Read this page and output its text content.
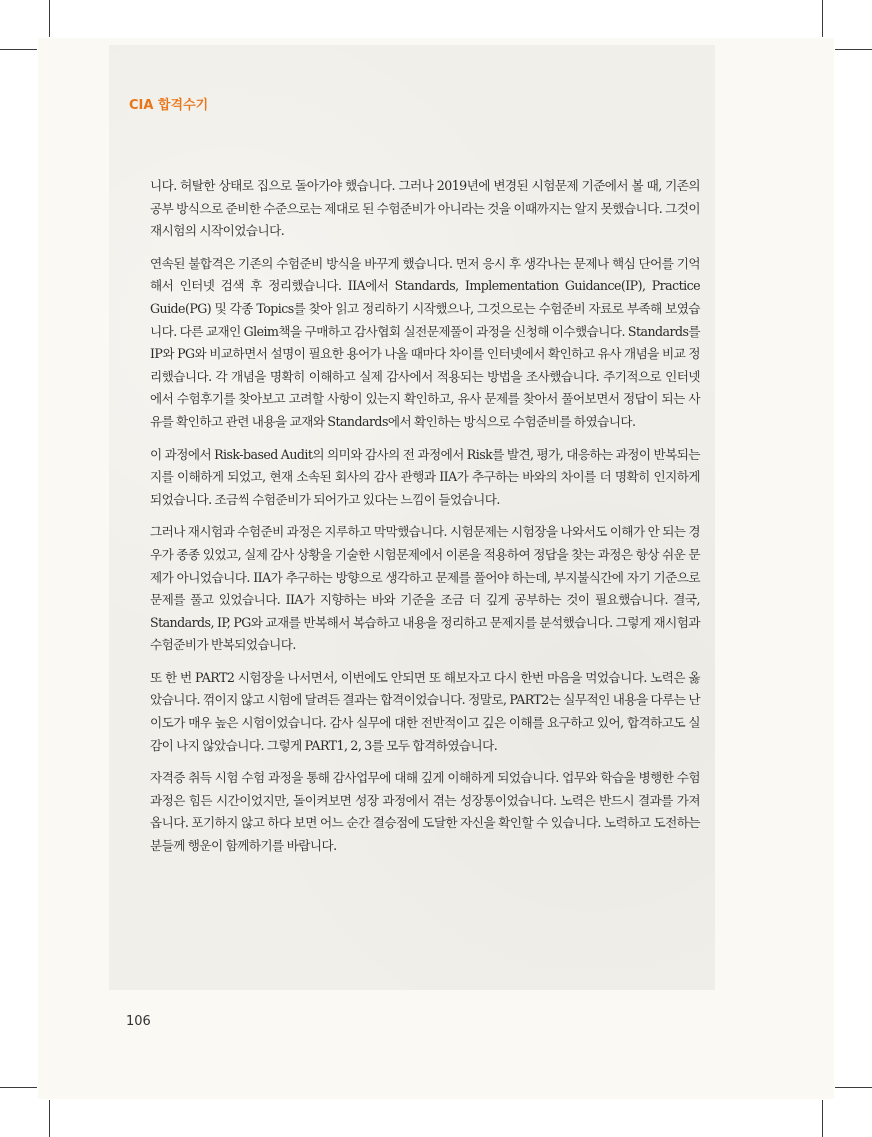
CIA 합격수기

니다. 허탈한 상태로 집으로 돌아가야 했습니다. 그러나 2019년에 변경된 시험문제 기준에서 볼 때, 기존의 공부 방식으로 준비한 수준으로는 제대로 된 수험준비가 아니라는 것을 이때까지는 알지 못했습니다. 그것이 재시험의 시작이었습니다.

연속된 불합격은 기존의 수험준비 방식을 바꾸게 했습니다. 먼저 응시 후 생각나는 문제나 핵심 단어를 기억해서 인터넷 검색 후 정리했습니다. IIA에서 Standards, Implementation Guidance(IP), Practice Guide(PG) 및 각종 Topics를 찾아 읽고 정리하기 시작했으나, 그것으로는 수험준비 자료로 부족해 보였습니다. 다른 교재인 Gleim책을 구매하고 감사협회 실전문제풀이 과정을 신청해 이수했습니다. Standards를 IP와 PG와 비교하면서 설명이 필요한 용어가 나올 때마다 차이를 인터넷에서 확인하고 유사 개념을 비교 정리했습니다. 각 개념을 명확히 이해하고 실제 감사에서 적용되는 방법을 조사했습니다. 주기적으로 인터넷에서 수험후기를 찾아보고 고려할 사항이 있는지 확인하고, 유사 문제를 찾아서 풀어보면서 정답이 되는 사유를 확인하고 관련 내용을 교재와 Standards에서 확인하는 방식으로 수험준비를 하였습니다.

이 과정에서 Risk-based Audit의 의미와 감사의 전 과정에서 Risk를 발견, 평가, 대응하는 과정이 반복되는지를 이해하게 되었고, 현재 소속된 회사의 감사 관행과 IIA가 추구하는 바와의 차이를 더 명확히 인지하게 되었습니다. 조금씩 수험준비가 되어가고 있다는 느낌이 들었습니다.

그러나 재시험과 수험준비 과정은 지루하고 막막했습니다. 시험문제는 시험장을 나와서도 이해가 안 되는 경우가 종종 있었고, 실제 감사 상황을 기술한 시험문제에서 이론을 적용하여 정답을 찾는 과정은 항상 쉬운 문제가 아니었습니다. IIA가 추구하는 방향으로 생각하고 문제를 풀어야 하는데, 부지불식간에 자기 기준으로 문제를 풀고 있었습니다. IIA가 지향하는 바와 기준을 조금 더 깊게 공부하는 것이 필요했습니다. 결국, Standards, IP, PG와 교재를 반복해서 복습하고 내용을 정리하고 문제지를 분석했습니다. 그렇게 재시험과 수험준비가 반복되었습니다.

또 한 번 PART2 시험장을 나서면서, 이번에도 안되면 또 해보자고 다시 한번 마음을 먹었습니다. 노력은 옳았습니다. 꺾이지 않고 시험에 달려든 결과는 합격이었습니다. 정말로, PART2는 실무적인 내용을 다루는 난이도가 매우 높은 시험이었습니다. 감사 실무에 대한 전반적이고 깊은 이해를 요구하고 있어, 합격하고도 실감이 나지 않았습니다. 그렇게 PART1, 2, 3를 모두 합격하였습니다.

자격증 취득 시험 수험 과정을 통해 감사업무에 대해 깊게 이해하게 되었습니다. 업무와 학습을 병행한 수험 과정은 힘든 시간이었지만, 돌이켜보면 성장 과정에서 겪는 성장통이었습니다. 노력은 반드시 결과를 가져옵니다. 포기하지 않고 하다 보면 어느 순간 결승점에 도달한 자신을 확인할 수 있습니다. 노력하고 도전하는 분들께 행운이 함께하기를 바랍니다.

106
